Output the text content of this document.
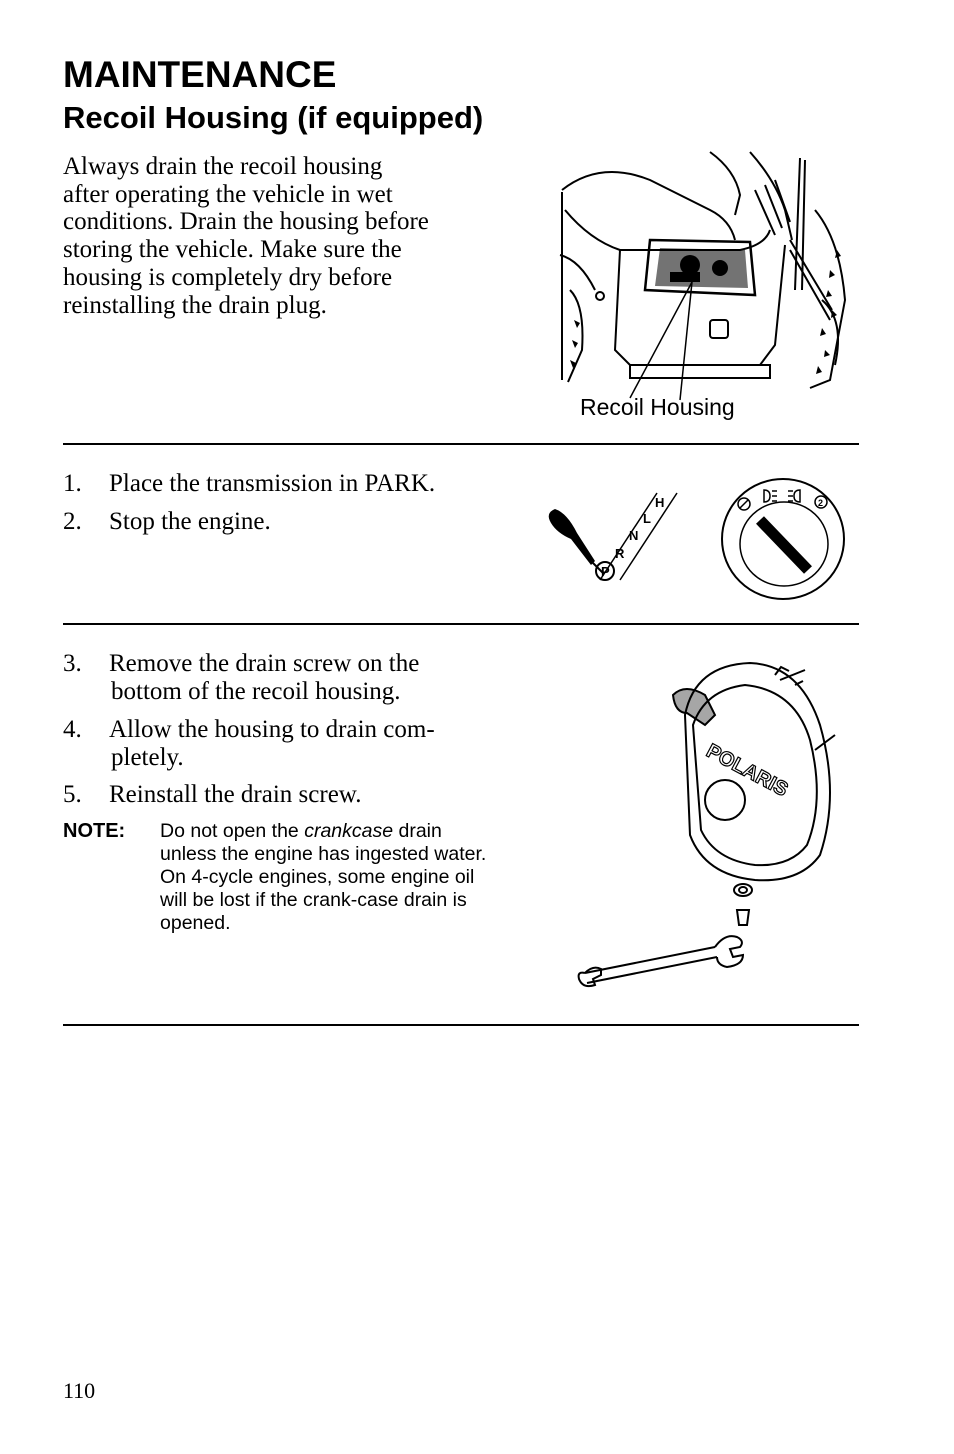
MAINTENANCE
Recoil Housing (if equipped)
Always drain the recoil housing
after operating the vehicle in wet
conditions. Drain the housing before
storing the vehicle. Make sure the
housing is completely dry before
reinstalling the drain plug.
Recoil Housing
1. Place the transmission in PARK.
2. Stop the engine.
P
R
N
L
H	2
3. Remove the drain screw on the
bottom of the recoil housing.
4. Allow the housing to drain com-
pletely.
5. Reinstall the drain screw.
NOTE: Do not open the crankcase drain unless the engine has ingested water. On 4-cycle engines, some engine oil will be lost if the crank-case drain is opened.
POLARIS
110
